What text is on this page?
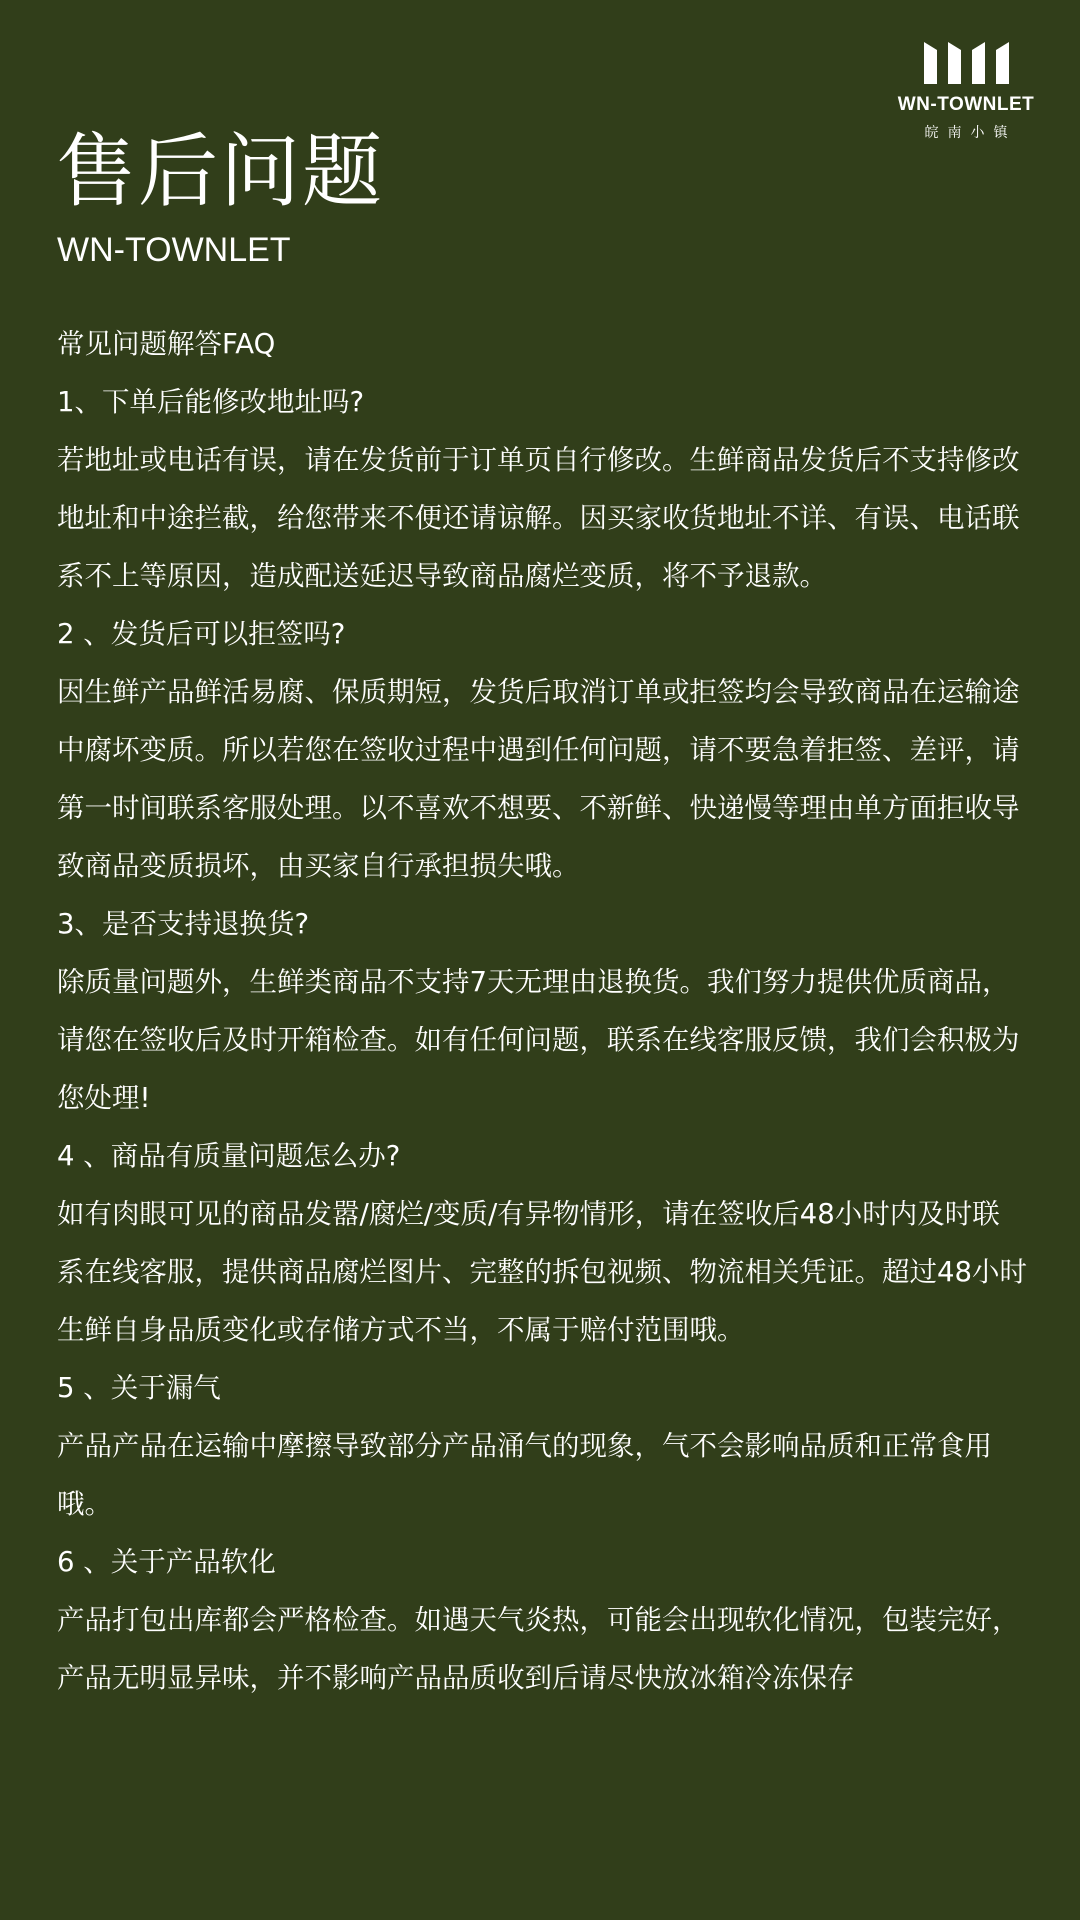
WN-TOWNLET
皖南小镇
售后问题
WN-TOWNLET

常见问题解答FAQ

1、下单后能修改地址吗?

若地址或电话有误，请在发货前于订单页自行修改。生鲜商品发货后不支持修改地址和中途拦截，给您带来不便还请谅解。因买家收货地址不详、有误、电话联系不上等原因，造成配送延迟导致商品腐烂变质，将不予退款。

2 、发货后可以拒签吗?

因生鲜产品鲜活易腐、保质期短，发货后取消订单或拒签均会导致商品在运输途中腐坏变质。所以若您在签收过程中遇到任何问题，请不要急着拒签、差评，请第一时间联系客服处理。以不喜欢不想要、不新鲜、快递慢等理由单方面拒收导致商品变质损坏，由买家自行承担损失哦。

3、是否支持退换货?

除质量问题外，生鲜类商品不支持7天无理由退换货。我们努力提供优质商品，请您在签收后及时开箱检查。如有任何问题，联系在线客服反馈，我们会积极为您处理!

4 、商品有质量问题怎么办?

如有肉眼可见的商品发嚣/腐烂/变质/有异物情形，请在签收后48小时内及时联系在线客服，提供商品腐烂图片、完整的拆包视频、物流相关凭证。超过48小时生鲜自身品质变化或存储方式不当，不属于赔付范围哦。

5 、关于漏气

产品产品在运输中摩擦导致部分产品涌气的现象，气不会影响品质和正常食用哦。

6 、关于产品软化

产品打包出库都会严格检查。如遇天气炎热，可能会出现软化情况，包装完好，产品无明显异味，并不影响产品品质收到后请尽快放冰箱冷冻保存
